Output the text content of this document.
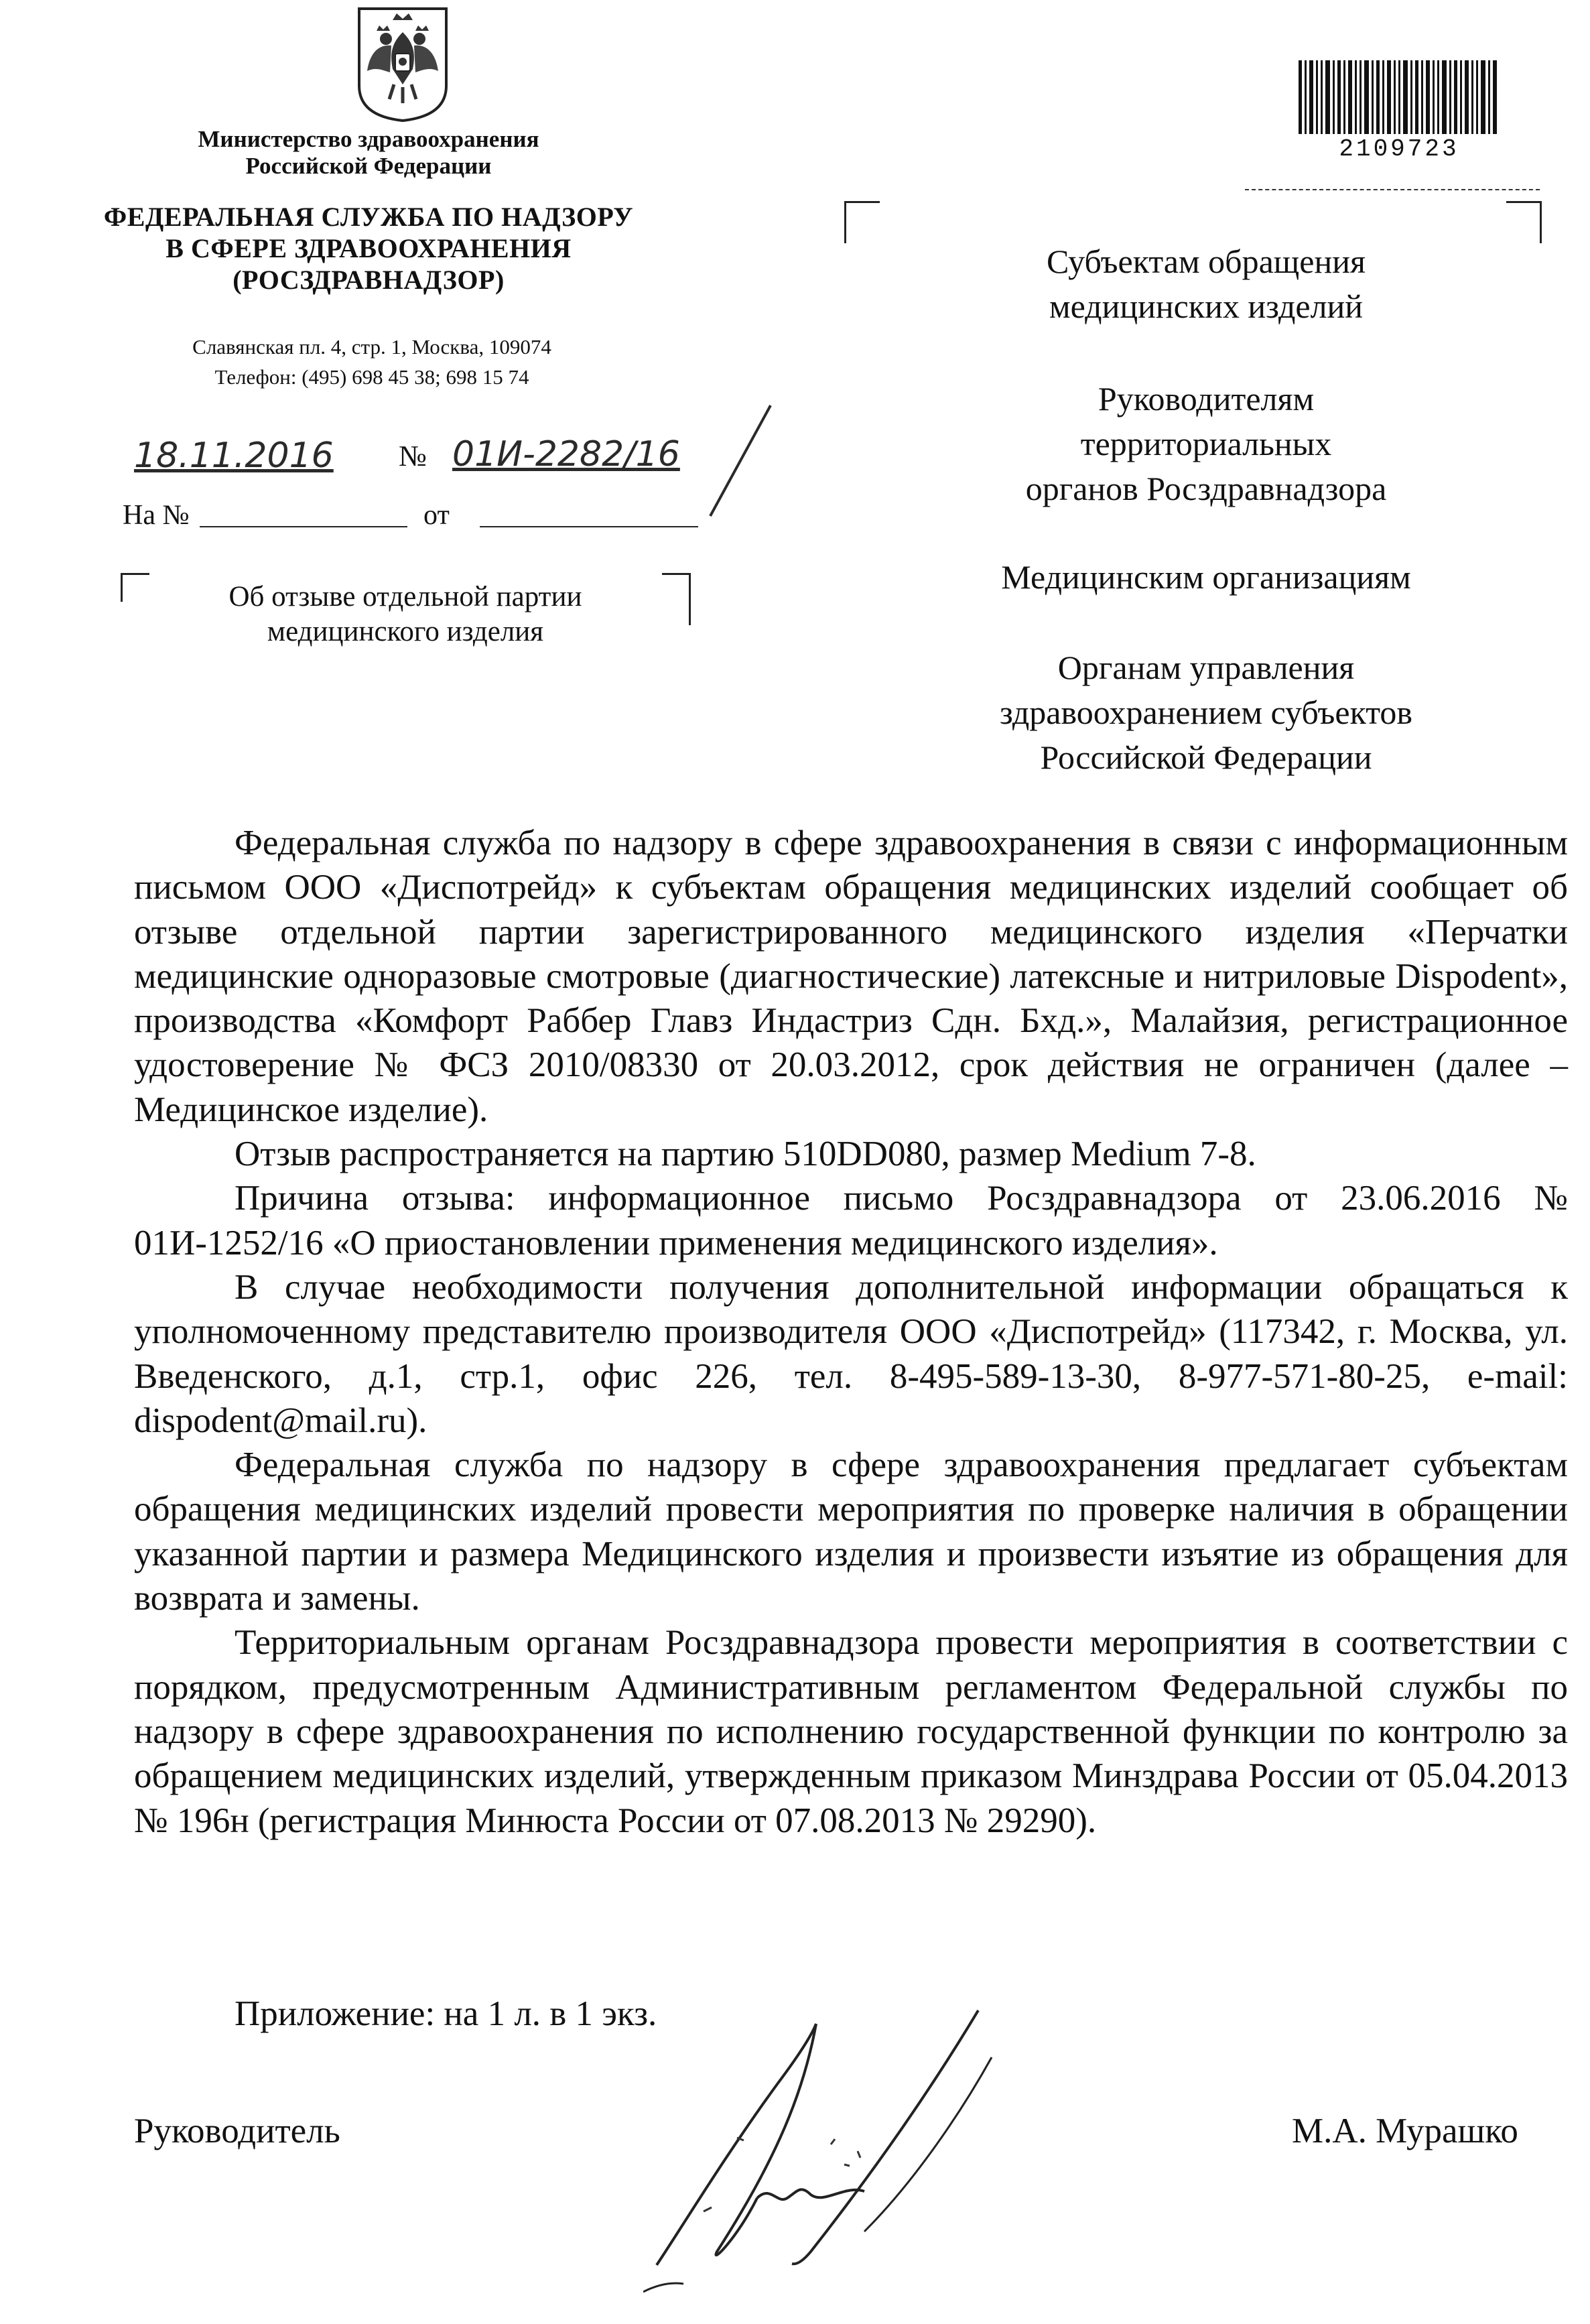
Министерство здравоохранения
Российской Федерации
ФЕДЕРАЛЬНАЯ СЛУЖБА ПО НАДЗОРУ
В СФЕРЕ ЗДРАВООХРАНЕНИЯ
(РОСЗДРАВНАДЗОР)
Славянская пл. 4, стр. 1, Москва, 109074
Телефон: (495) 698 45 38; 698 15 74
18.11.2016 № 01И-2282/16
На №	от
Об отзыве отдельной партии
медицинского изделия
2109723
Субъектам обращения
медицинских изделий
Руководителям
территориальных
органов Росздравнадзора
Медицинским организациям
Органам управления
здравоохранением субъектов
Российской Федерации

Федеральная служба по надзору в сфере здравоохранения в связи с информационным письмом ООО «Диспотрейд» к субъектам обращения медицинских изделий сообщает об отзыве отдельной партии зарегистрированного медицинского изделия «Перчатки медицинские одноразовые смотровые (диагностические) латексные и нитриловые Dispodent», производства «Комфорт Раббер Главз Индастриз Сдн. Бхд.», Малайзия, регистрационное удостоверение № ФСЗ 2010/08330 от 20.03.2012, срок действия не ограничен (далее – Медицинское изделие).

Отзыв распространяется на партию 510DD080, размер Medium 7-8.

Причина отзыва: информационное письмо Росздравнадзора от 23.06.2016 № 01И-1252/16 «О приостановлении применения медицинского изделия».

В случае необходимости получения дополнительной информации обращаться к уполномоченному представителю производителя ООО «Диспотрейд» (117342, г. Москва, ул. Введенского, д.1, стр.1, офис 226, тел. 8-495-589-13-30, 8-977-571-80-25, e-mail: dispodent@mail.ru).

Федеральная служба по надзору в сфере здравоохранения предлагает субъектам обращения медицинских изделий провести мероприятия по проверке наличия в обращении указанной партии и размера Медицинского изделия и произвести изъятие из обращения для возврата и замены.

Территориальным органам Росздравнадзора провести мероприятия в соответствии с порядком, предусмотренным Административным регламентом Федеральной службы по надзору в сфере здравоохранения по исполнению государственной функции по контролю за обращением медицинских изделий, утвержденным приказом Минздрава России от 05.04.2013 № 196н (регистрация Минюста России от 07.08.2013 № 29290).

Приложение: на 1 л. в 1 экз.
Руководитель	М.А. Мурашко
